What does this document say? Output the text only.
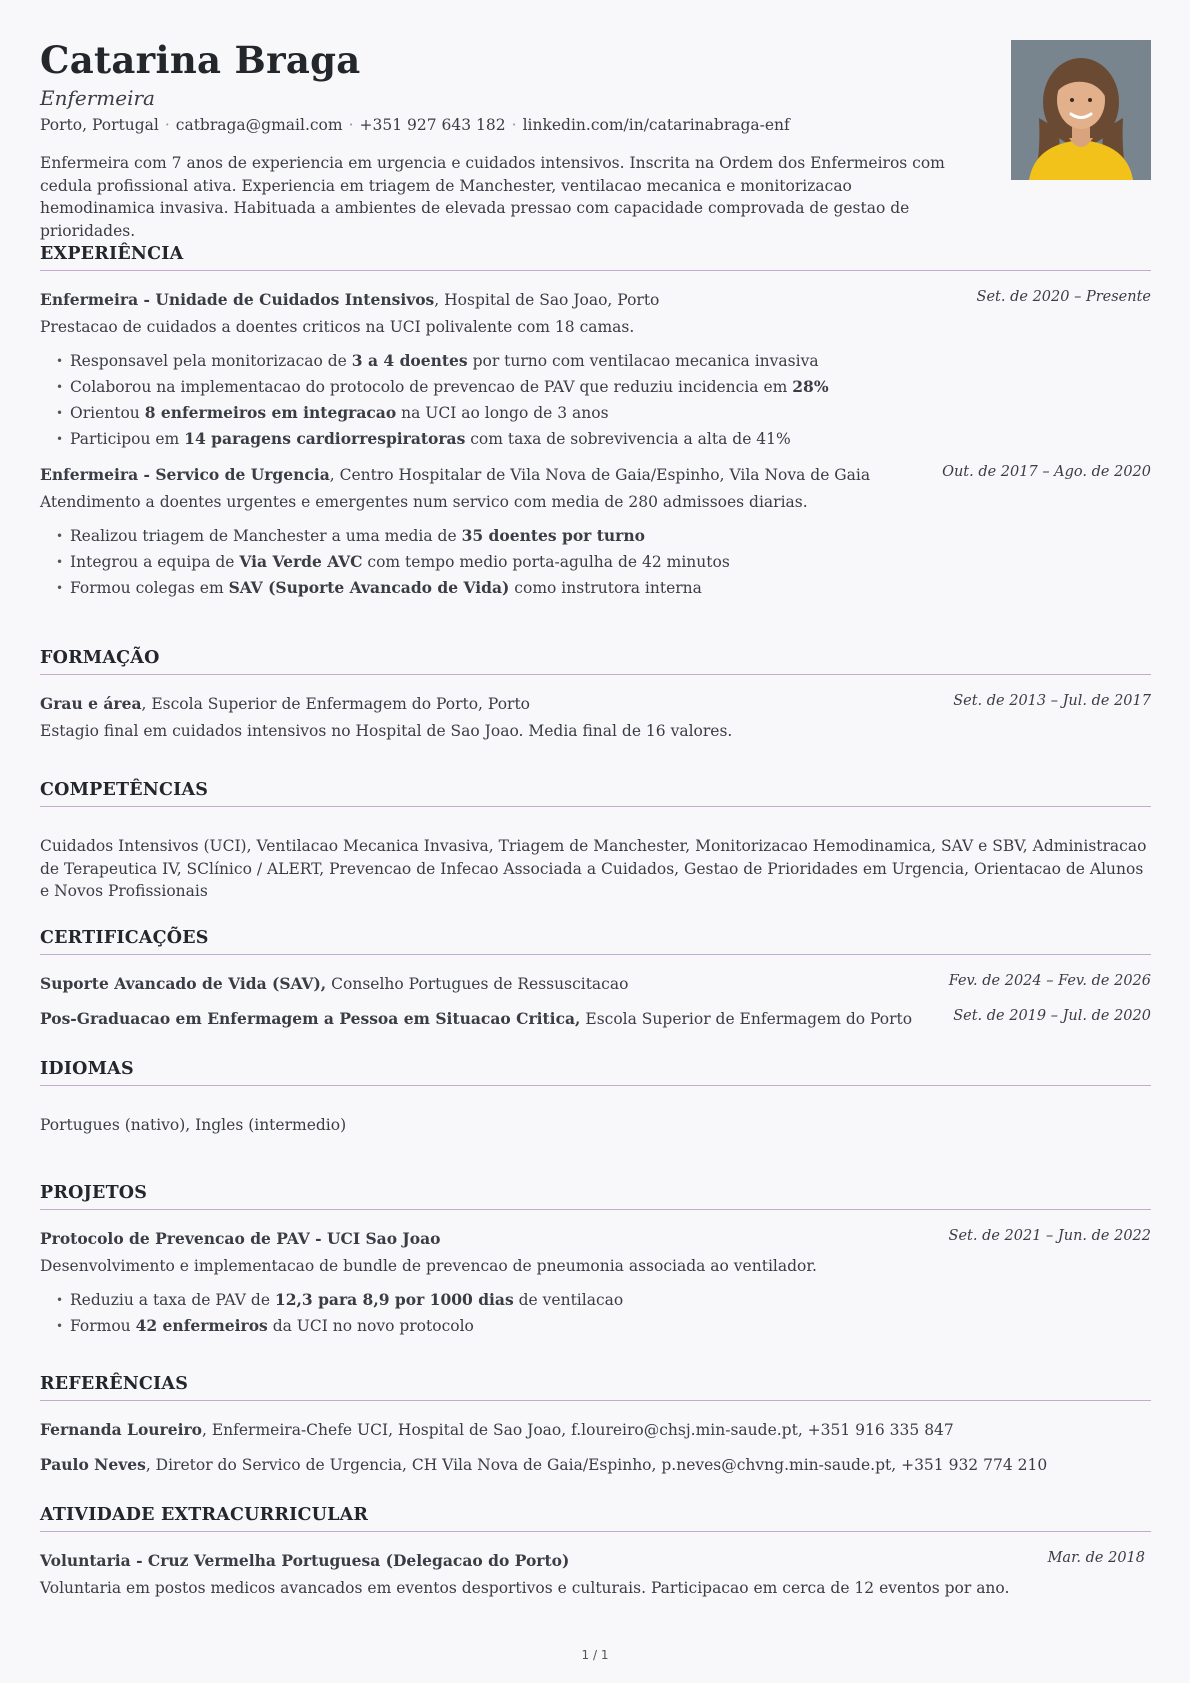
Catarina Braga
Enfermeira
Porto, Portugal · catbraga@gmail.com · +351 927 643 182 · linkedin.com/in/catarinabraga-enf

Enfermeira com 7 anos de experiencia em urgencia e cuidados intensivos. Inscrita na Ordem dos Enfermeiros com cedula profissional ativa. Experiencia em triagem de Manchester, ventilacao mecanica e monitorizacao hemodinamica invasiva. Habituada a ambientes de elevada pressao com capacidade comprovada de gestao de prioridades.

EXPERIÊNCIA
Enfermeira - Unidade de Cuidados Intensivos, Hospital de Sao Joao, Porto	Set. de 2020 – Presente
Prestacao de cuidados a doentes criticos na UCI polivalente com 18 camas.
• Responsavel pela monitorizacao de 3 a 4 doentes por turno com ventilacao mecanica invasiva
• Colaborou na implementacao do protocolo de prevencao de PAV que reduziu incidencia em 28%
• Orientou 8 enfermeiros em integracao na UCI ao longo de 3 anos
• Participou em 14 paragens cardiorrespiratoras com taxa de sobrevivencia a alta de 41%
Enfermeira - Servico de Urgencia, Centro Hospitalar de Vila Nova de Gaia/Espinho, Vila Nova de Gaia	Out. de 2017 – Ago. de 2020
Atendimento a doentes urgentes e emergentes num servico com media de 280 admissoes diarias.
• Realizou triagem de Manchester a uma media de 35 doentes por turno
• Integrou a equipa de Via Verde AVC com tempo medio porta-agulha de 42 minutos
• Formou colegas em SAV (Suporte Avancado de Vida) como instrutora interna
FORMAÇÃO
Grau e área, Escola Superior de Enfermagem do Porto, Porto	Set. de 2013 – Jul. de 2017
Estagio final em cuidados intensivos no Hospital de Sao Joao. Media final de 16 valores.
COMPETÊNCIAS
Cuidados Intensivos (UCI), Ventilacao Mecanica Invasiva, Triagem de Manchester, Monitorizacao Hemodinamica, SAV e SBV, Administracao de Terapeutica IV, SClínico / ALERT, Prevencao de Infecao Associada a Cuidados, Gestao de Prioridades em Urgencia, Orientacao de Alunos e Novos Profissionais
CERTIFICAÇÕES
Suporte Avancado de Vida (SAV), Conselho Portugues de Ressuscitacao	Fev. de 2024 – Fev. de 2026
Pos-Graduacao em Enfermagem a Pessoa em Situacao Critica, Escola Superior de Enfermagem do Porto	Set. de 2019 – Jul. de 2020
IDIOMAS
Portugues (nativo), Ingles (intermedio)
PROJETOS
Protocolo de Prevencao de PAV - UCI Sao Joao	Set. de 2021 – Jun. de 2022
Desenvolvimento e implementacao de bundle de prevencao de pneumonia associada ao ventilador.
• Reduziu a taxa de PAV de 12,3 para 8,9 por 1000 dias de ventilacao
• Formou 42 enfermeiros da UCI no novo protocolo
REFERÊNCIAS
Fernanda Loureiro, Enfermeira-Chefe UCI, Hospital de Sao Joao, f.loureiro@chsj.min-saude.pt, +351 916 335 847
Paulo Neves, Diretor do Servico de Urgencia, CH Vila Nova de Gaia/Espinho, p.neves@chvng.min-saude.pt, +351 932 774 210
ATIVIDADE EXTRACURRICULAR
Voluntaria - Cruz Vermelha Portuguesa (Delegacao do Porto)	Mar. de 2018
Voluntaria em postos medicos avancados em eventos desportivos e culturais. Participacao em cerca de 12 eventos por ano.
1 / 1
